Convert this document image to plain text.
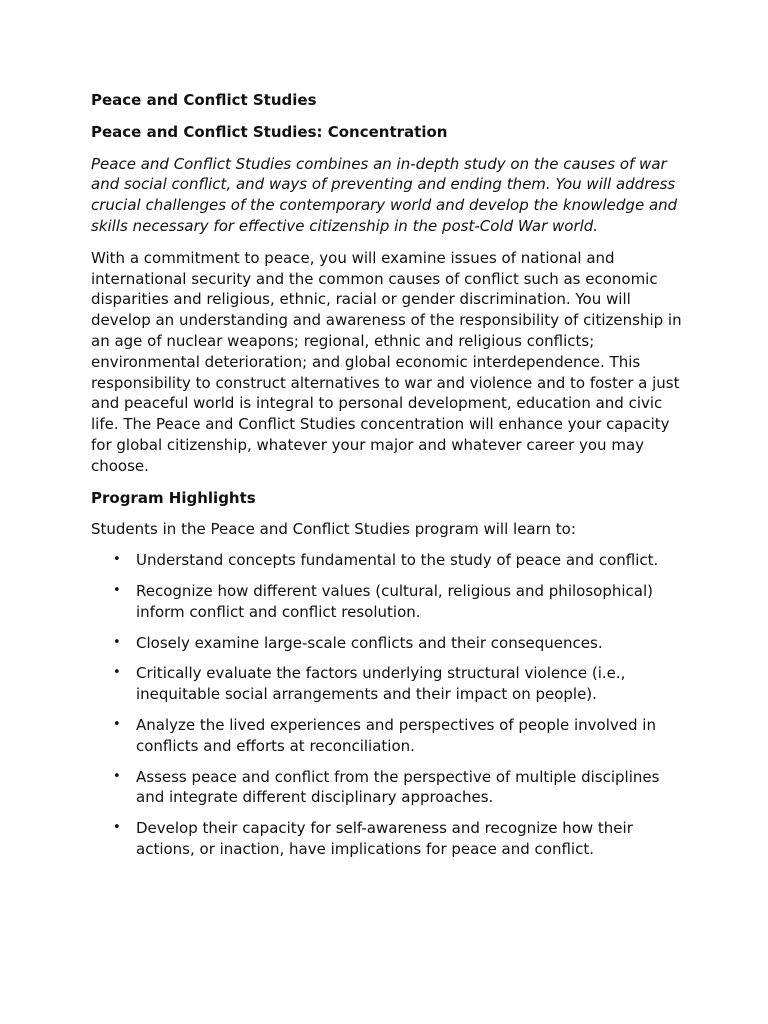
Peace and Conflict Studies
Peace and Conflict Studies: Concentration

Peace and Conflict Studies combines an in-depth study on the causes of war and social conflict, and ways of preventing and ending them. You will address crucial challenges of the contemporary world and develop the knowledge and skills necessary for effective citizenship in the post-Cold War world.

With a commitment to peace, you will examine issues of national and international security and the common causes of conflict such as economic disparities and religious, ethnic, racial or gender discrimination. You will develop an understanding and awareness of the responsibility of citizenship in an age of nuclear weapons; regional, ethnic and religious conflicts; environmental deterioration; and global economic interdependence. This responsibility to construct alternatives to war and violence and to foster a just and peaceful world is integral to personal development, education and civic life. The Peace and Conflict Studies concentration will enhance your capacity for global citizenship, whatever your major and whatever career you may choose.

Program Highlights

Students in the Peace and Conflict Studies program will learn to:

• Understand concepts fundamental to the study of peace and conflict.
• Recognize how different values (cultural, religious and philosophical) inform conflict and conflict resolution.
• Closely examine large-scale conflicts and their consequences.
• Critically evaluate the factors underlying structural violence (i.e., inequitable social arrangements and their impact on people).
• Analyze the lived experiences and perspectives of people involved in conflicts and efforts at reconciliation.
• Assess peace and conflict from the perspective of multiple disciplines and integrate different disciplinary approaches.
• Develop their capacity for self-awareness and recognize how their actions, or inaction, have implications for peace and conflict.
